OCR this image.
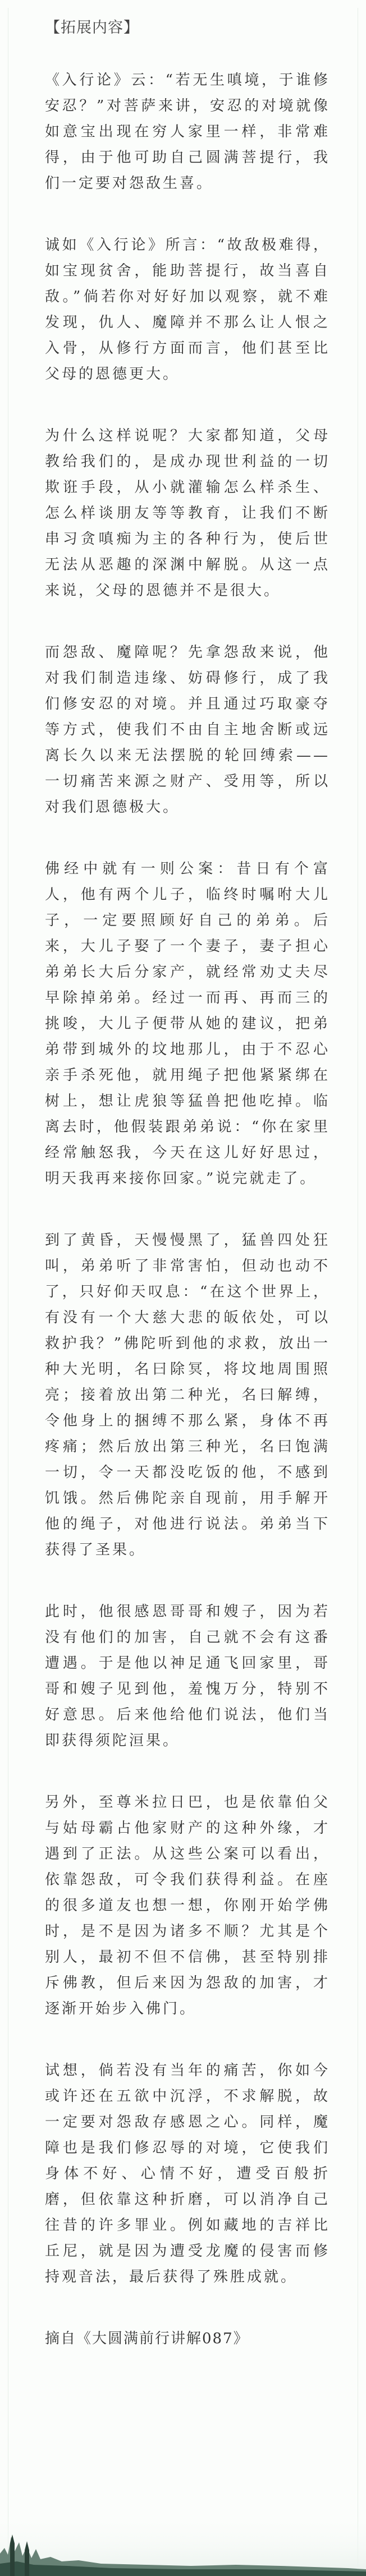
【拓展内容】

《入行论》云：“若无生嗔境，于谁修安忍？”对菩萨来讲，安忍的对境就像如意宝出现在穷人家里一样，非常难得，由于他可助自己圆满菩提行，我们一定要对怨敌生喜。

诚如《入行论》所言：“故敌极难得，如宝现贫舍，能助菩提行，故当喜自敌。”倘若你对好好加以观察，就不难发现，仇人、魔障并不那么让人恨之入骨，从修行方面而言，他们甚至比父母的恩德更大。

为什么这样说呢？大家都知道，父母教给我们的，是成办现世利益的一切欺诳手段，从小就灌输怎么样杀生、怎么样谈朋友等等教育，让我们不断串习贪嗔痴为主的各种行为，使后世无法从恶趣的深渊中解脱。从这一点来说，父母的恩德并不是很大。

而怨敌、魔障呢？先拿怨敌来说，他对我们制造违缘、妨碍修行，成了我们修安忍的对境。并且通过巧取豪夺等方式，使我们不由自主地舍断或远离长久以来无法摆脱的轮回缚索——一切痛苦来源之财产、受用等，所以对我们恩德极大。

佛经中就有一则公案：昔日有个富人，他有两个儿子，临终时嘱咐大儿子，一定要照顾好自己的弟弟。后来，大儿子娶了一个妻子，妻子担心弟弟长大后分家产，就经常劝丈夫尽早除掉弟弟。经过一而再、再而三的挑唆，大儿子便带从她的建议，把弟弟带到城外的坟地那儿，由于不忍心亲手杀死他，就用绳子把他紧紧绑在树上，想让虎狼等猛兽把他吃掉。临离去时，他假装跟弟弟说：“你在家里经常触怒我，今天在这儿好好思过，明天我再来接你回家。”说完就走了。

到了黄昏，天慢慢黑了，猛兽四处狂叫，弟弟听了非常害怕，但动也动不了，只好仰天叹息：“在这个世界上，有没有一个大慈大悲的皈依处，可以救护我？”佛陀听到他的求救，放出一种大光明，名曰除冥，将坟地周围照亮；接着放出第二种光，名曰解缚，令他身上的捆缚不那么紧，身体不再疼痛；然后放出第三种光，名曰饱满一切，令一天都没吃饭的他，不感到饥饿。然后佛陀亲自现前，用手解开他的绳子，对他进行说法。弟弟当下获得了圣果。

此时，他很感恩哥哥和嫂子，因为若没有他们的加害，自己就不会有这番遭遇。于是他以神足通飞回家里，哥哥和嫂子见到他，羞愧万分，特别不好意思。后来他给他们说法，他们当即获得须陀洹果。

另外，至尊米拉日巴，也是依靠伯父与姑母霸占他家财产的这种外缘，才遇到了正法。从这些公案可以看出，依靠怨敌，可令我们获得利益。在座的很多道友也想一想，你刚开始学佛时，是不是因为诸多不顺？尤其是个别人，最初不但不信佛，甚至特别排斥佛教，但后来因为怨敌的加害，才逐渐开始步入佛门。

试想，倘若没有当年的痛苦，你如今或许还在五欲中沉浮，不求解脱，故一定要对怨敌存感恩之心。同样，魔障也是我们修忍辱的对境，它使我们身体不好、心情不好，遭受百般折磨，但依靠这种折磨，可以消净自己往昔的许多罪业。例如藏地的吉祥比丘尼，就是因为遭受龙魔的侵害而修持观音法，最后获得了殊胜成就。

摘自《大圆满前行讲解087》
